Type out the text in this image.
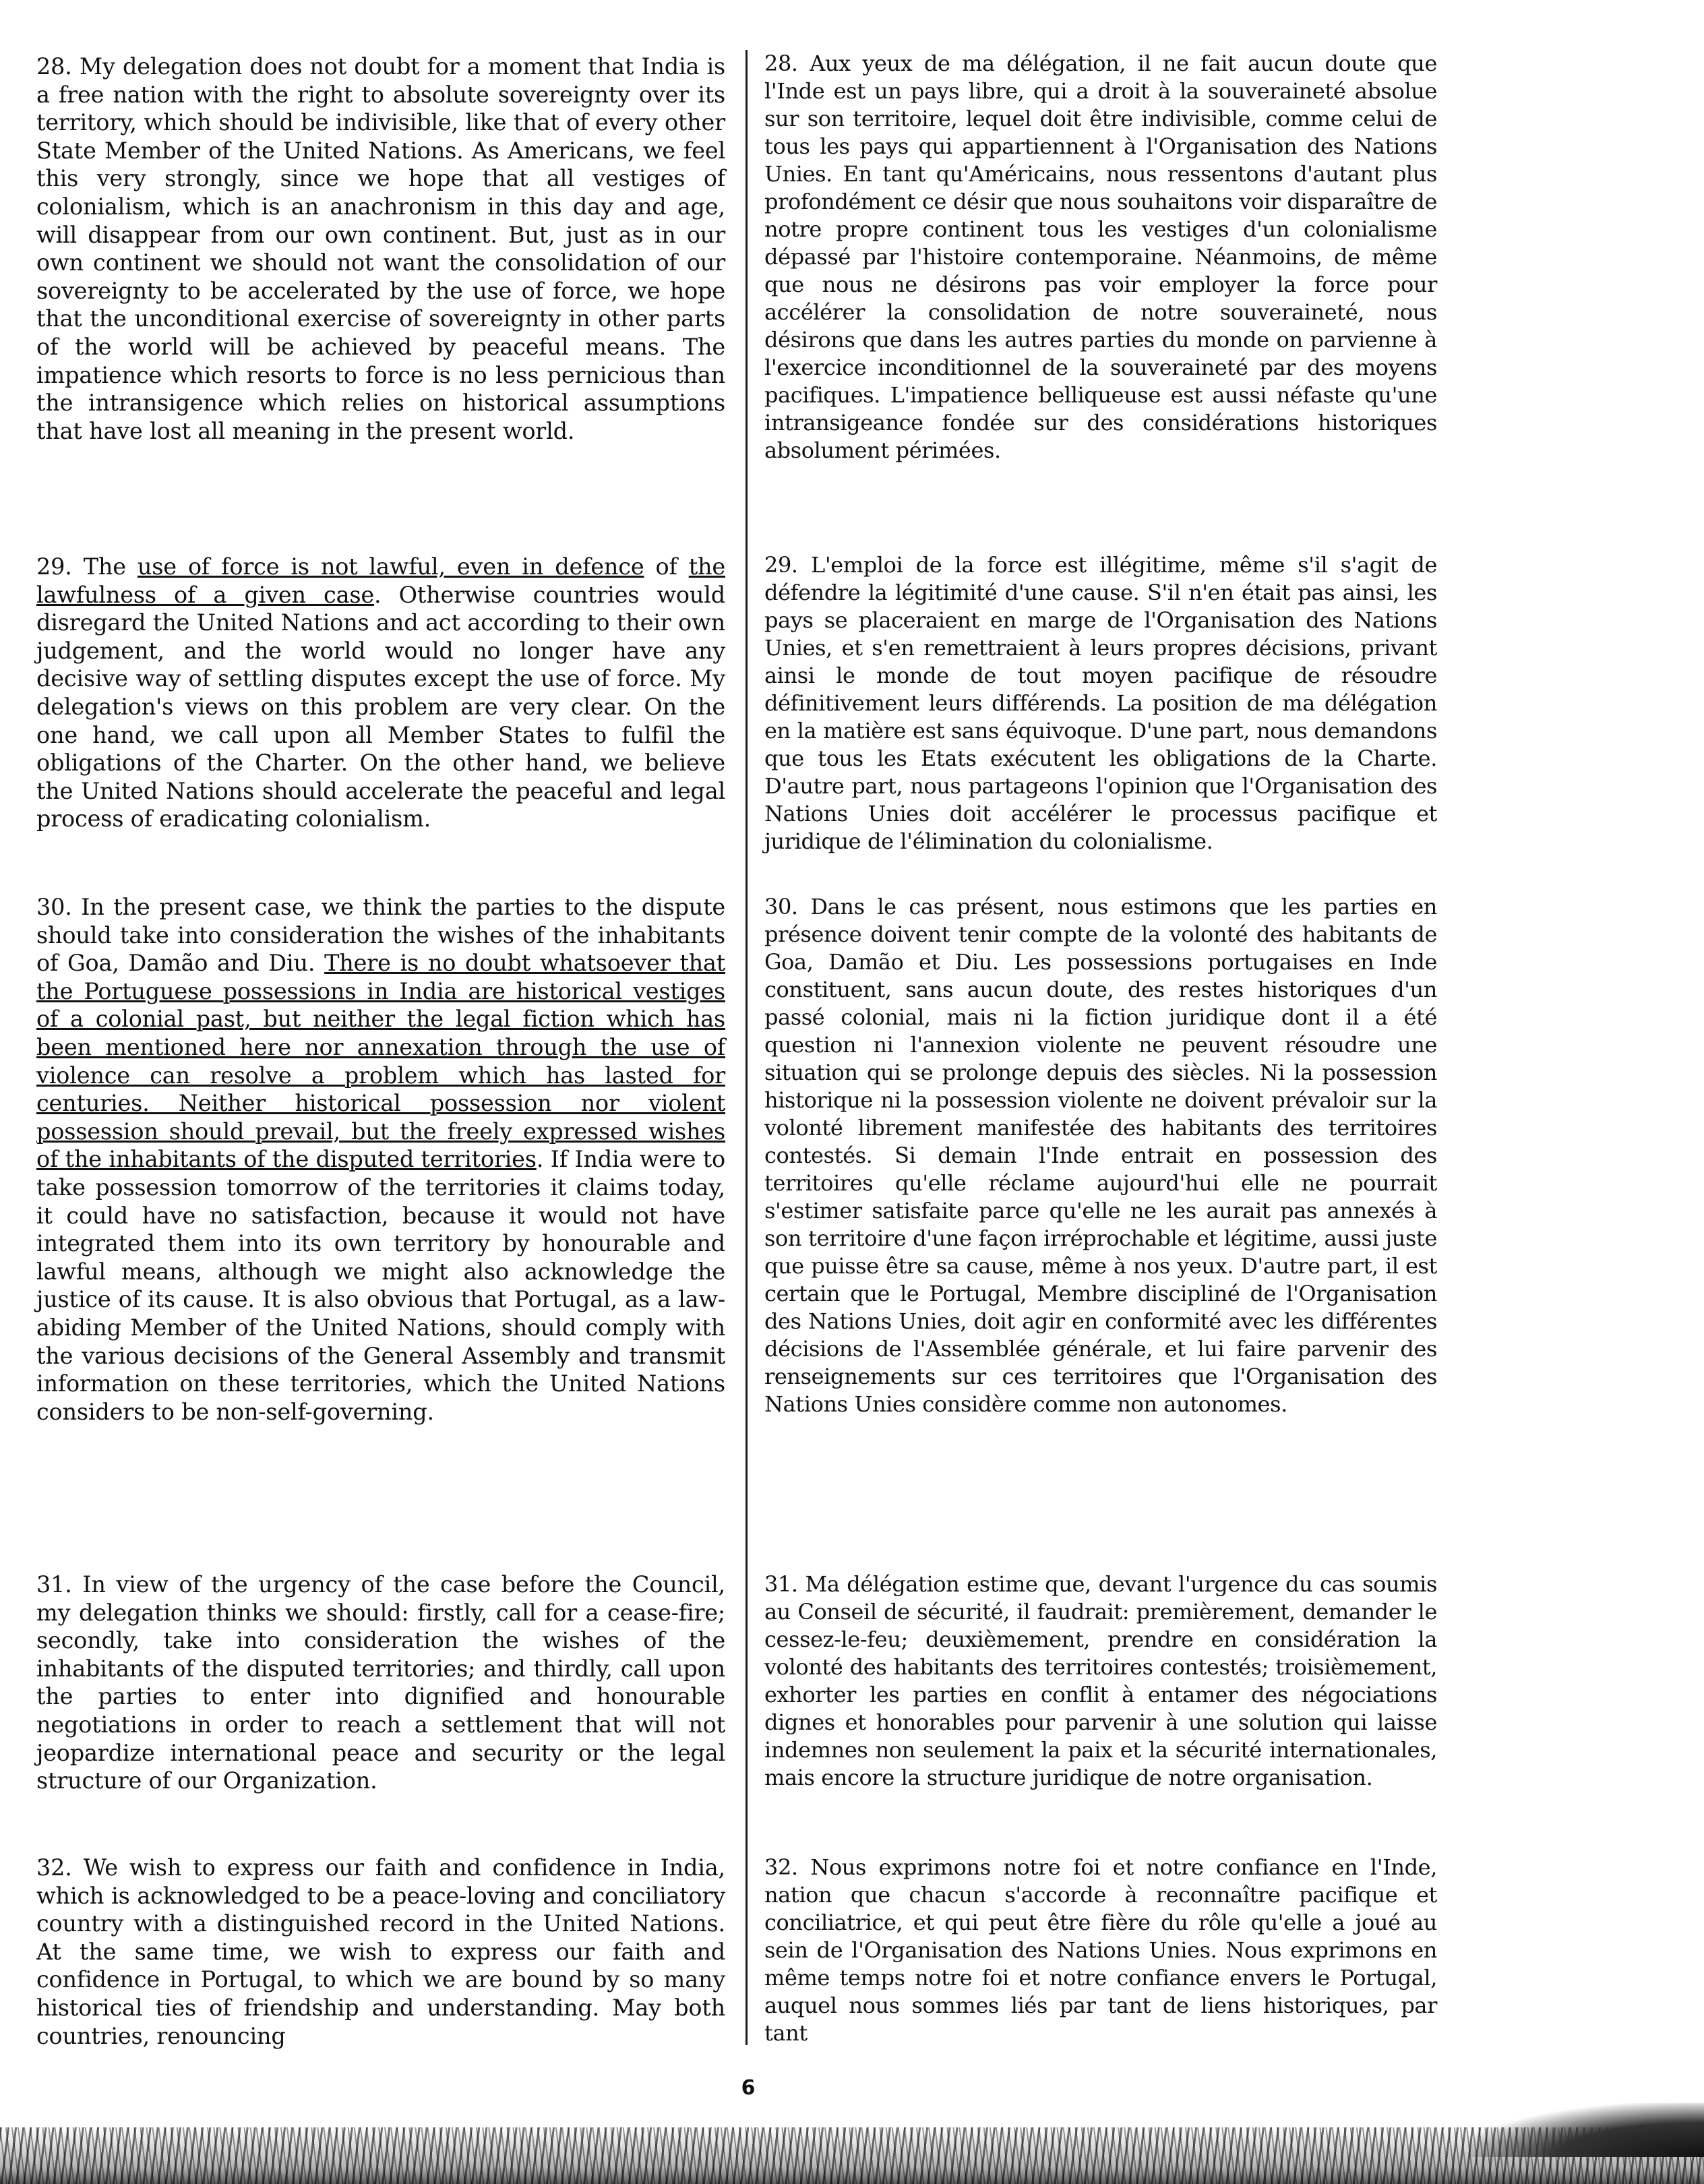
28. My delegation does not doubt for a moment that India is a free nation with the right to absolute sovereignty over its territory, which should be indivisible, like that of every other State Member of the United Nations. As Americans, we feel this very strongly, since we hope that all vestiges of colonialism, which is an anachronism in this day and age, will disappear from our own continent. But, just as in our own continent we should not want the consolidation of our sovereignty to be accelerated by the use of force, we hope that the unconditional exercise of sovereignty in other parts of the world will be achieved by peaceful means. The impatience which resorts to force is no less pernicious than the intransigence which relies on historical assumptions that have lost all meaning in the present world.

29. The use of force is not lawful, even in defence of the lawfulness of a given case. Otherwise countries would disregard the United Nations and act according to their own judgement, and the world would no longer have any decisive way of settling disputes except the use of force. My delegation's views on this problem are very clear. On the one hand, we call upon all Member States to fulfil the obligations of the Charter. On the other hand, we believe the United Nations should accelerate the peaceful and legal process of eradicating colonialism.

30. In the present case, we think the parties to the dispute should take into consideration the wishes of the inhabitants of Goa, Damão and Diu. There is no doubt whatsoever that the Portuguese possessions in India are historical vestiges of a colonial past, but neither the legal fiction which has been mentioned here nor annexation through the use of violence can resolve a problem which has lasted for centuries. Neither historical possession nor violent possession should prevail, but the freely expressed wishes of the inhabitants of the disputed territories. If India were to take possession tomorrow of the territories it claims today, it could have no satisfaction, because it would not have integrated them into its own territory by honourable and lawful means, although we might also acknowledge the justice of its cause. It is also obvious that Portugal, as a law-abiding Member of the United Nations, should comply with the various decisions of the General Assembly and transmit information on these territories, which the United Nations considers to be non-self-governing.

31. In view of the urgency of the case before the Council, my delegation thinks we should: firstly, call for a cease-fire; secondly, take into consideration the wishes of the inhabitants of the disputed territories; and thirdly, call upon the parties to enter into dignified and honourable negotiations in order to reach a settlement that will not jeopardize international peace and security or the legal structure of our Organization.

32. We wish to express our faith and confidence in India, which is acknowledged to be a peace-loving and conciliatory country with a distinguished record in the United Nations. At the same time, we wish to express our faith and confidence in Portugal, to which we are bound by so many historical ties of friendship and understanding. May both countries, renouncing

28. Aux yeux de ma délégation, il ne fait aucun doute que l'Inde est un pays libre, qui a droit à la souveraineté absolue sur son territoire, lequel doit être indivisible, comme celui de tous les pays qui appartiennent à l'Organisation des Nations Unies. En tant qu'Américains, nous ressentons d'autant plus profondément ce désir que nous souhaitons voir disparaître de notre propre continent tous les vestiges d'un colonialisme dépassé par l'histoire contemporaine. Néanmoins, de même que nous ne désirons pas voir employer la force pour accélérer la consolidation de notre souveraineté, nous désirons que dans les autres parties du monde on parvienne à l'exercice inconditionnel de la souveraineté par des moyens pacifiques. L'impatience belliqueuse est aussi néfaste qu'une intransigeance fondée sur des considérations historiques absolument périmées.

29. L'emploi de la force est illégitime, même s'il s'agit de défendre la légitimité d'une cause. S'il n'en était pas ainsi, les pays se placeraient en marge de l'Organisation des Nations Unies, et s'en remettraient à leurs propres décisions, privant ainsi le monde de tout moyen pacifique de résoudre définitivement leurs différends. La position de ma délégation en la matière est sans équivoque. D'une part, nous demandons que tous les Etats exécutent les obligations de la Charte. D'autre part, nous partageons l'opinion que l'Organisation des Nations Unies doit accélérer le processus pacifique et juridique de l'élimination du colonialisme.

30. Dans le cas présent, nous estimons que les parties en présence doivent tenir compte de la volonté des habitants de Goa, Damão et Diu. Les possessions portugaises en Inde constituent, sans aucun doute, des restes historiques d'un passé colonial, mais ni la fiction juridique dont il a été question ni l'annexion violente ne peuvent résoudre une situation qui se prolonge depuis des siècles. Ni la possession historique ni la possession violente ne doivent prévaloir sur la volonté librement manifestée des habitants des territoires contestés. Si demain l'Inde entrait en possession des territoires qu'elle réclame aujourd'hui elle ne pourrait s'estimer satisfaite parce qu'elle ne les aurait pas annexés à son territoire d'une façon irréprochable et légitime, aussi juste que puisse être sa cause, même à nos yeux. D'autre part, il est certain que le Portugal, Membre discipliné de l'Organisation des Nations Unies, doit agir en conformité avec les différentes décisions de l'Assemblée générale, et lui faire parvenir des renseignements sur ces territoires que l'Organisation des Nations Unies considère comme non autonomes.

31. Ma délégation estime que, devant l'urgence du cas soumis au Conseil de sécurité, il faudrait: premièrement, demander le cessez-le-feu; deuxièmement, prendre en considération la volonté des habitants des territoires contestés; troisièmement, exhorter les parties en conflit à entamer des négociations dignes et honorables pour parvenir à une solution qui laisse indemnes non seulement la paix et la sécurité internationales, mais encore la structure juridique de notre organisation.

32. Nous exprimons notre foi et notre confiance en l'Inde, nation que chacun s'accorde à reconnaître pacifique et conciliatrice, et qui peut être fière du rôle qu'elle a joué au sein de l'Organisation des Nations Unies. Nous exprimons en même temps notre foi et notre confiance envers le Portugal, auquel nous sommes liés par tant de liens historiques, par tant

6
